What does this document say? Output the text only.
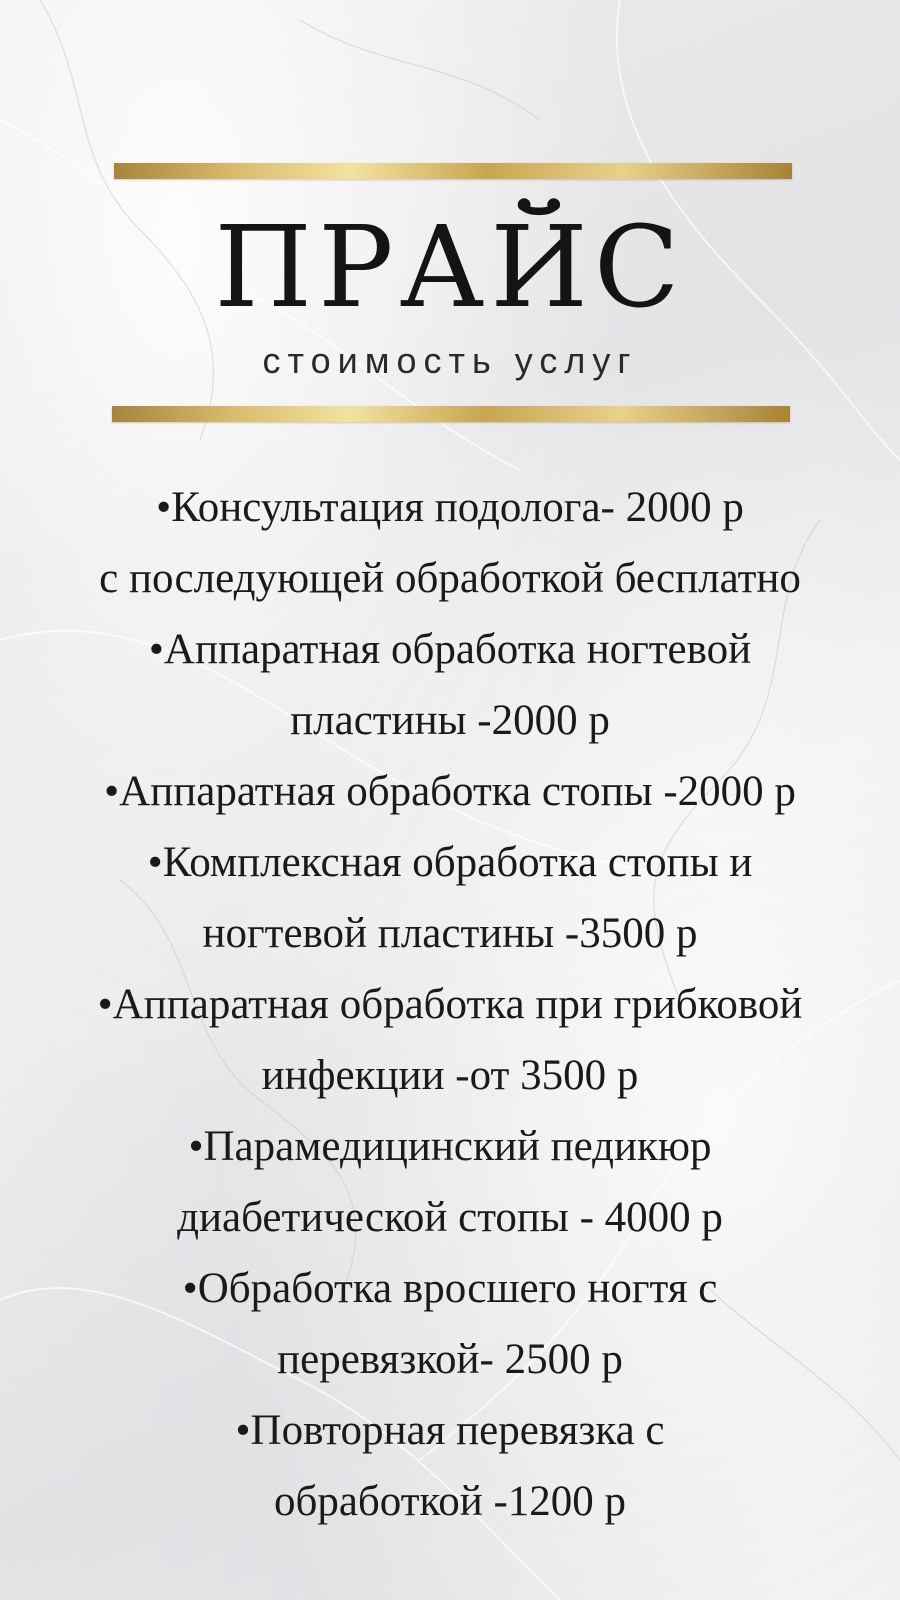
ПРАЙС
стоимость услуг
•Консультация подолога- 2000 р
с последующей обработкой бесплатно
•Аппаратная обработка ногтевой
пластины -2000 р
•Аппаратная обработка стопы -2000 р
•Комплексная обработка стопы и
ногтевой пластины -3500 р
•Аппаратная обработка при грибковой
инфекции -от 3500 р
•Парамедицинский педикюр
диабетической стопы - 4000 р
•Обработка вросшего ногтя с
перевязкой- 2500 р
•Повторная перевязка с
обработкой -1200 р
